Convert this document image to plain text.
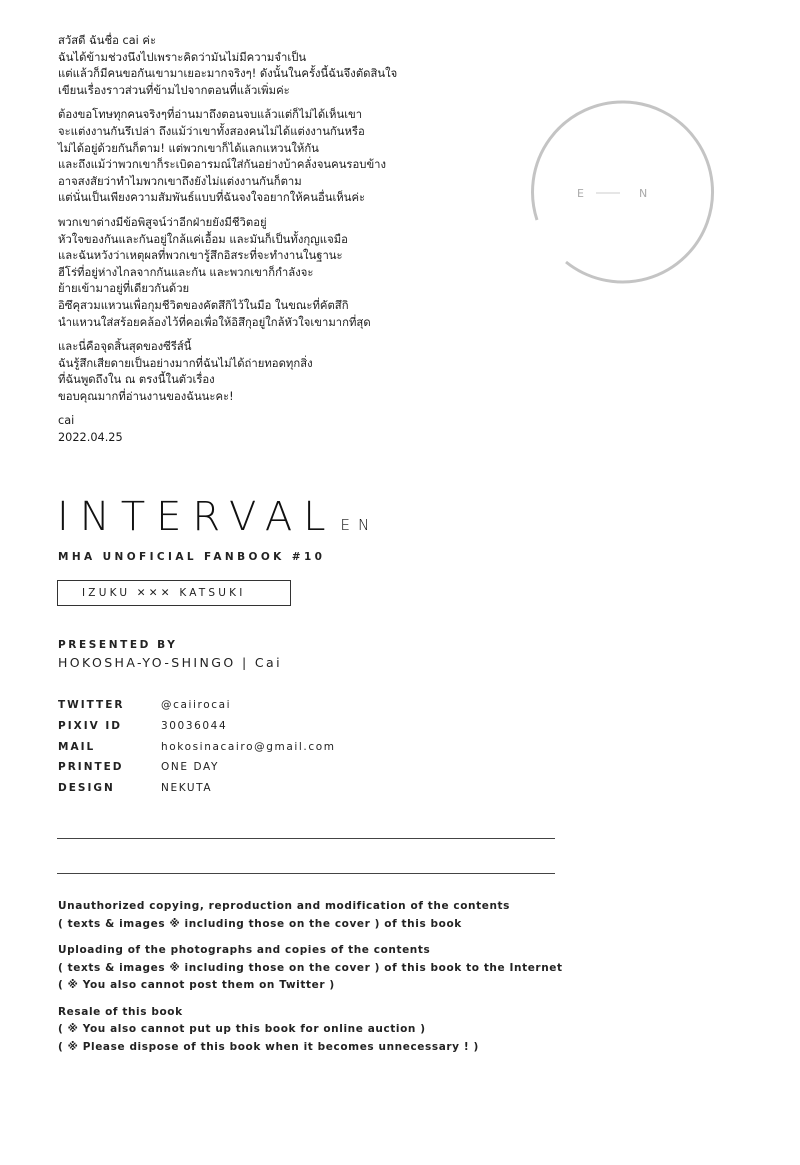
สวัสดี ฉันชื่อ cai ค่ะ
ฉันได้ข้ามช่วงนึงไปเพราะคิดว่ามันไม่มีความจำเป็น
แต่แล้วก็มีคนขอกันเขามาเยอะมากจริงๆ! ดังนั้นในครั้งนี้ฉันจึงตัดสินใจ
เขียนเรื่องราวส่วนที่ข้ามไปจากตอนที่แล้วเพิ่มค่ะ

ต้องขอโทษทุกคนจริงๆที่อ่านมาถึงตอนจบแล้วแต่ก็ไม่ได้เห็นเขา
จะแต่งงานกันรึเปล่า ถึงแม้ว่าเขาทั้งสองคนไม่ได้แต่งงานกันหรือ
ไม่ได้อยู่ด้วยกันก็ตาม! แต่พวกเขาก็ได้แลกแหวนให้กัน
และถึงแม้ว่าพวกเขาก็ระเบิดอารมณ์ใส่กันอย่างบ้าคลั่งจนคนรอบข้าง
อาจสงสัยว่าทำไมพวกเขาถึงยังไม่แต่งงานกันก็ตาม
แต่นั่นเป็นเพียงความสัมพันธ์แบบที่ฉันจงใจอยากให้คนอื่นเห็นค่ะ

พวกเขาต่างมีข้อพิสูจน์ว่าอีกฝ่ายยังมีชีวิตอยู่
หัวใจของกันและกันอยู่ใกล้แค่เอื้อม และมันก็เป็นทั้งกุญแจมือ
และฉันหวังว่าเหตุผลที่พวกเขารู้สึกอิสระที่จะทำงานในฐานะ
ฮีโร่ที่อยู่ห่างไกลจากกันและกัน และพวกเขาก็กำลังจะ
ย้ายเข้ามาอยู่ที่เดียวกันด้วย
อิซึคุสวมแหวนเพื่อกุมชีวิตของคัตสึกิไว้ในมือ ในขณะที่คัตสึกิ
นำแหวนใส่สร้อยคล้องไว้ที่คอเพื่อให้อิสึกุอยู่ใกล้หัวใจเขามากที่สุด

และนี่คือจุดสิ้นสุดของซีรีส์นี้
ฉันรู้สึกเสียดายเป็นอย่างมากที่ฉันไม่ได้ถ่ายทอดทุกสิ่ง
ที่ฉันพูดถึงใน ณ ตรงนี้ในตัวเรื่อง
ขอบคุณมากที่อ่านงานของฉันนะคะ!

cai
2022.04.25

E	N
INTERVAL EN
MHA UNOFICIAL FANBOOK #10
IZUKU ✕✕✕ KATSUKI
PRESENTED BY
HOKOSHA-YO-SHINGO | Cai
TWITTER	@caiirocai
PIXIV ID	30036044
MAIL	hokosinacairo@gmail.com
PRINTED	ONE DAY
DESIGN	NEKUTA

Unauthorized copying, reproduction and modification of the contents
( texts & images ※ including those on the cover ) of this book

Uploading of the photographs and copies of the contents
( texts & images ※ including those on the cover ) of this book to the Internet
( ※ You also cannot post them on Twitter )

Resale of this book
( ※ You also cannot put up this book for online auction )
( ※ Please dispose of this book when it becomes unnecessary ! )
